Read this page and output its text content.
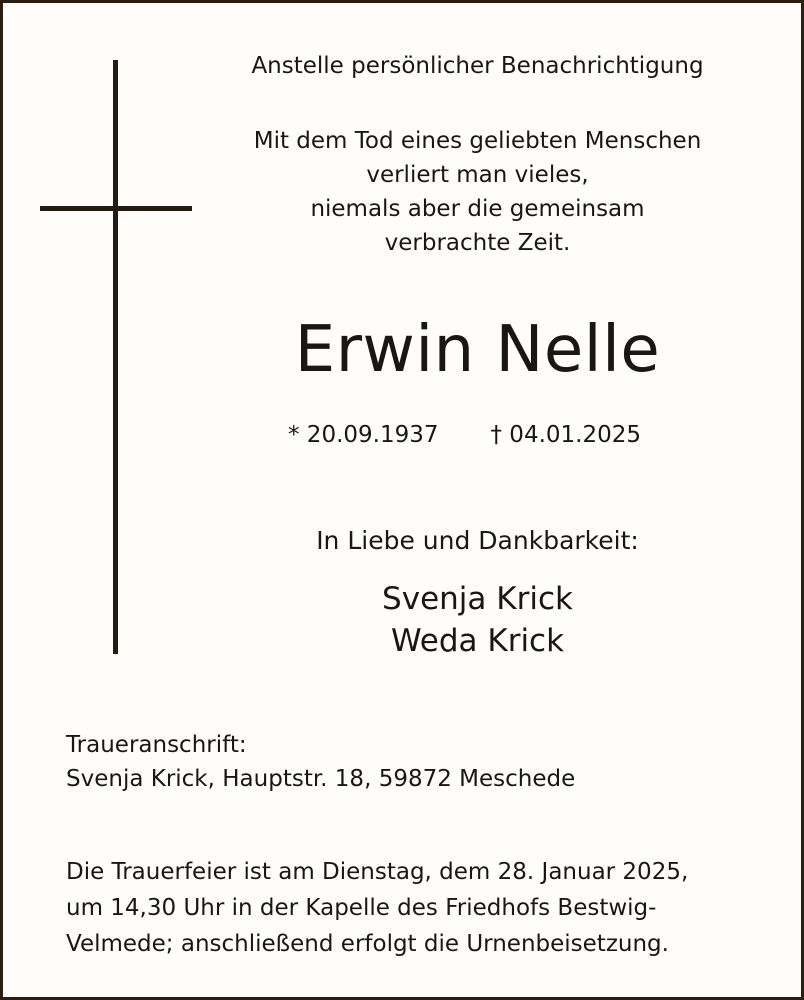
Anstelle persönlicher Benachrichtigung
Mit dem Tod eines geliebten Menschen
verliert man vieles,
niemals aber die gemeinsam
verbrachte Zeit.
Erwin Nelle
* 20.09.1937 † 04.01.2025
In Liebe und Dankbarkeit:
Svenja Krick
Weda Krick
Traueranschrift:
Svenja Krick, Hauptstr. 18, 59872 Meschede
Die Trauerfeier ist am Dienstag, dem 28. Januar 2025,
um 14,30 Uhr in der Kapelle des Friedhofs Bestwig-
Velmede; anschließend erfolgt die Urnenbeisetzung.
